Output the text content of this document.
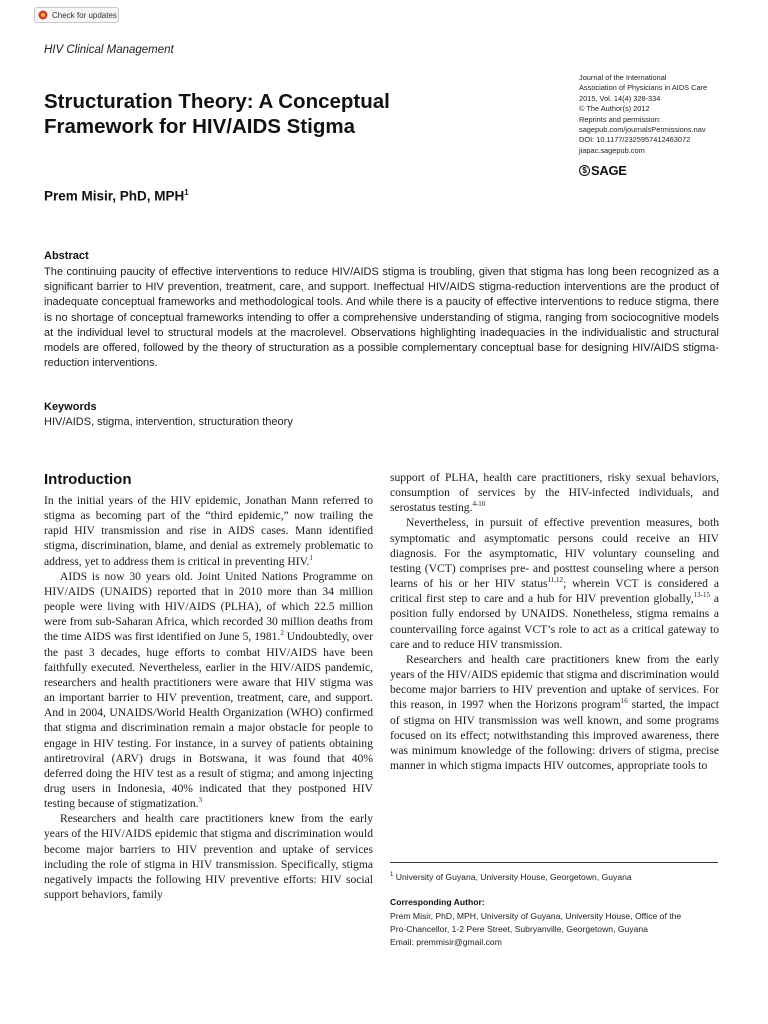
Check for updates
HIV Clinical Management
Journal of the International
Association of Physicians in AIDS Care
2015, Vol. 14(4) 328-334
© The Author(s) 2012
Reprints and permission:
sagepub.com/journalsPermissions.nav
DOI: 10.1177/2325957412463072
jiapac.sagepub.com
$ SAGE
Structuration Theory: A Conceptual
Framework for HIV/AIDS Stigma
Prem Misir, PhD, MPH$^1$
Abstract
The continuing paucity of effective interventions to reduce HIV/AIDS stigma is troubling, given that stigma has long been recognized as a significant barrier to HIV prevention, treatment, care, and support. Ineffectual HIV/AIDS stigma-reduction interventions are the product of inadequate conceptual frameworks and methodological tools. And while there is a paucity of effective interventions to reduce stigma, there is no shortage of conceptual frameworks intending to offer a comprehensive understanding of stigma, ranging from sociocognitive models at the individual level to structural models at the macrolevel. Observations highlighting inadequacies in the individualistic and structural models are offered, followed by the theory of structuration as a possible complementary conceptual base for designing HIV/AIDS stigma-reduction interventions.
Keywords
HIV/AIDS, stigma, intervention, structuration theory
Introduction

In the initial years of the HIV epidemic, Jonathan Mann referred to stigma as becoming part of the “third epidemic,” now trailing the rapid HIV transmission and rise in AIDS cases. Mann identified stigma, discrimination, blame, and denial as extremely problematic to address, yet to address them is critical in preventing HIV.$^1$

AIDS is now 30 years old. Joint United Nations Programme on HIV/AIDS (UNAIDS) reported that in 2010 more than 34 million people were living with HIV/AIDS (PLHA), of which 22.5 million were from sub-Saharan Africa, which recorded 30 million deaths from the time AIDS was first identified on June 5, 1981.$^2$ Undoubtedly, over the past 3 decades, huge efforts to combat HIV/AIDS have been faithfully executed. Nevertheless, earlier in the HIV/AIDS pandemic, researchers and health practitioners were aware that HIV stigma was an important barrier to HIV prevention, treatment, care, and support. And in 2004, UNAIDS/World Health Organization (WHO) confirmed that stigma and discrimination remain a major obstacle for people to engage in HIV testing. For instance, in a survey of patients obtaining antiretroviral (ARV) drugs in Botswana, it was found that 40% deferred doing the HIV test as a result of stigma; and among injecting drug users in Indonesia, 40% indicated that they postponed HIV testing because of stigmatization.$^3$

Researchers and health care practitioners knew from the early years of the HIV/AIDS epidemic that stigma and discrimination would become major barriers to HIV prevention and uptake of services including the role of stigma in HIV transmission. Specifically, stigma negatively impacts the following HIV preventive efforts: HIV social support behaviors, family

support of PLHA, health care practitioners, risky sexual behaviors, consumption of services by the HIV-infected individuals, and serostatus testing.$^{4-10}$

Nevertheless, in pursuit of effective prevention measures, both symptomatic and asymptomatic persons could receive an HIV diagnosis. For the asymptomatic, HIV voluntary counseling and testing (VCT) comprises pre- and posttest counseling where a person learns of his or her HIV status$^{11,12}$; wherein VCT is considered a critical first step to care and a hub for HIV prevention globally,$^{13-15}$ a position fully endorsed by UNAIDS. Nonetheless, stigma remains a countervailing force against VCT’s role to act as a critical gateway to care and to reduce HIV transmission.

Researchers and health care practitioners knew from the early years of the HIV/AIDS epidemic that stigma and discrimination would become major barriers to HIV prevention and uptake of services. For this reason, in 1997 when the Horizons program$^{16}$ started, the impact of stigma on HIV transmission was well known, and some programs focused on its effect; notwithstanding this improved awareness, there was minimum knowledge of the following: drivers of stigma, precise manner in which stigma impacts HIV outcomes, appropriate tools to

$^1$ University of Guyana, University House, Georgetown, Guyana
Corresponding Author:
Prem Misir, PhD, MPH, University of Guyana, University House, Office of the
Pro-Chancellor, 1-2 Pere Street, Subryanville, Georgetown, Guyana
Email: premmisir@gmail.com
